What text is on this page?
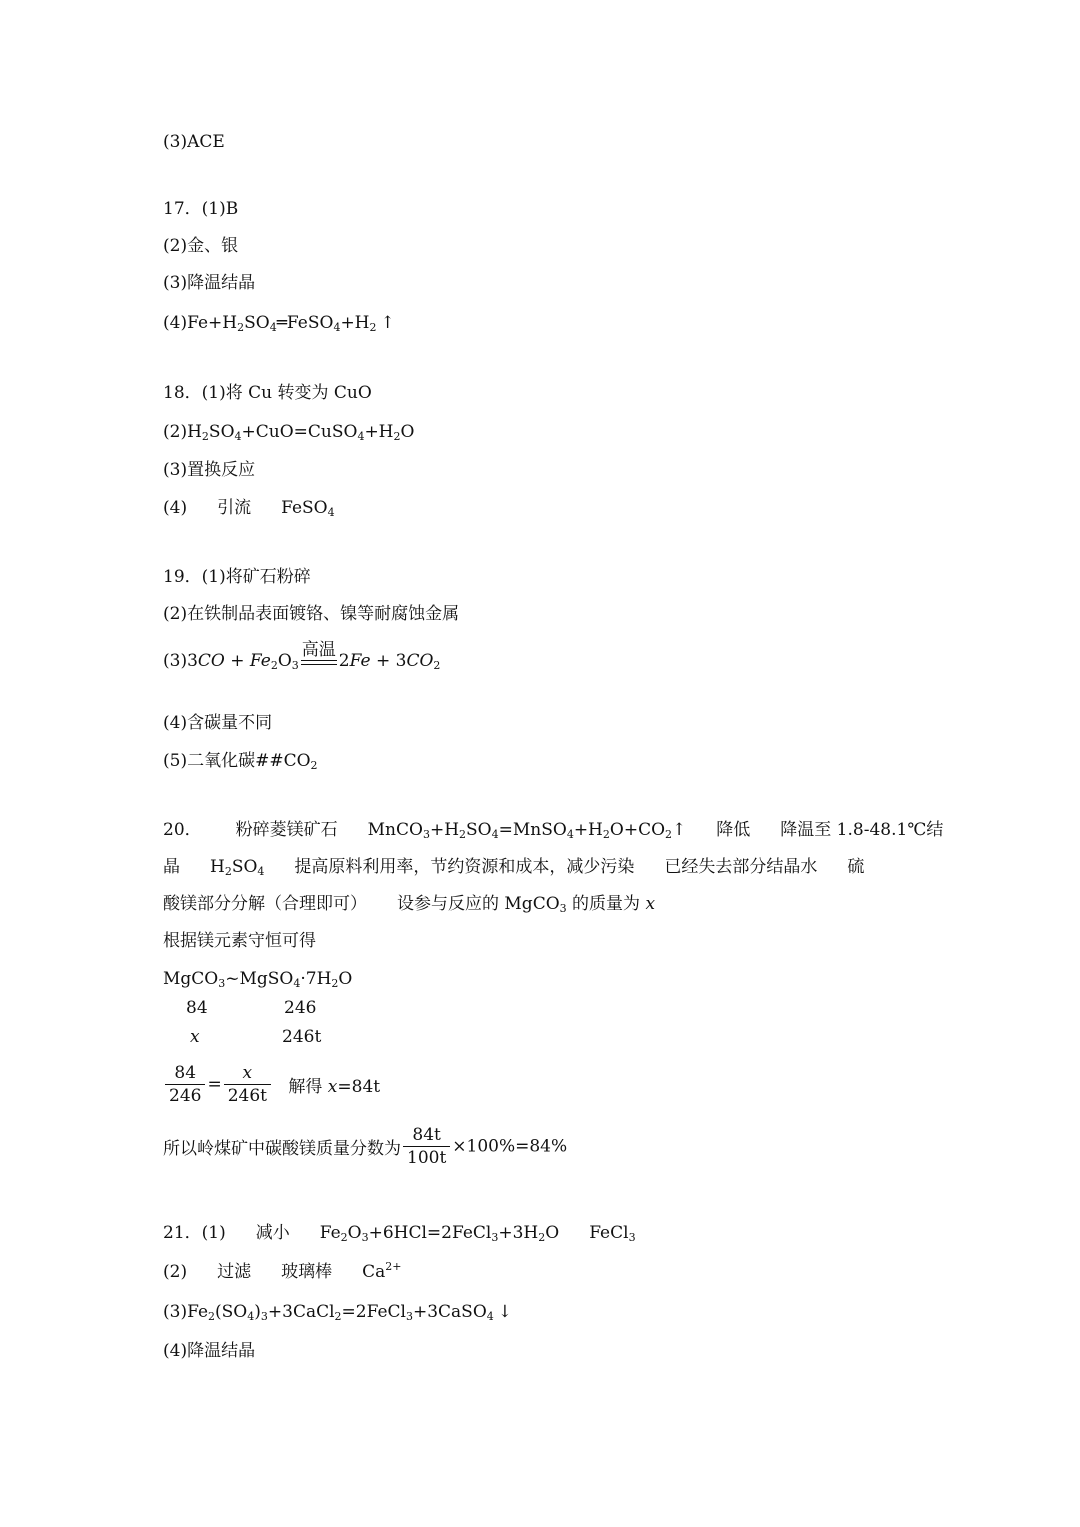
(3)ACE
17．(1)B
(2)金、银
(3)降温结晶
$(4)Fe+H_2SO_4═FeSO_4+H_2$ ↑
18．(1)将 Cu 转变为 CuO
$(2)H_2SO_4+CuO=CuSO_4+H_2O$
(3)置换反应
(4) 引流 FeSO$_4$
19．(1)将矿石粉碎
(2)在铁制品表面镀铬、镍等耐腐蚀金属
$(3)3CO + Fe_2O_3$
高温
$2Fe + 3CO_2$
(4)含碳量不同
(5)二氧化碳$\#\#CO_2$
20． 粉碎菱镁矿石 $MnCO_3+H_2SO_4=MnSO_4+H_2O+CO_2↑$ 降低 降温至 1.8-48.1℃结
晶 $H_2SO_4$ 提高原料利用率，节约资源和成本，减少污染 已经失去部分结晶水 硫
酸镁部分分解（合理即可） 设参与反应的 MgCO$_3$ 的质量为 x
根据镁元素守恒可得
$MgCO_3\sim MgSO_4\cdot 7H_2O$
84	246
x	246t
$\frac{84}{246} = \frac{x}{246t}$ 解得 x=84t
所以岭煤矿中碳酸镁质量分数为 $\frac{84t}{100t} \times 100\%=84\%$
21．(1) 减小 $Fe_2O_3+6HCl=2FeCl_3+3H_2O$ FeCl$_3$
(2) 过滤 玻璃棒 $Ca^{2+}$
$(3)Fe_2(SO_4)_3+3CaCl_2=2FeCl_3+3CaSO_4$ ↓
(4)降温结晶
